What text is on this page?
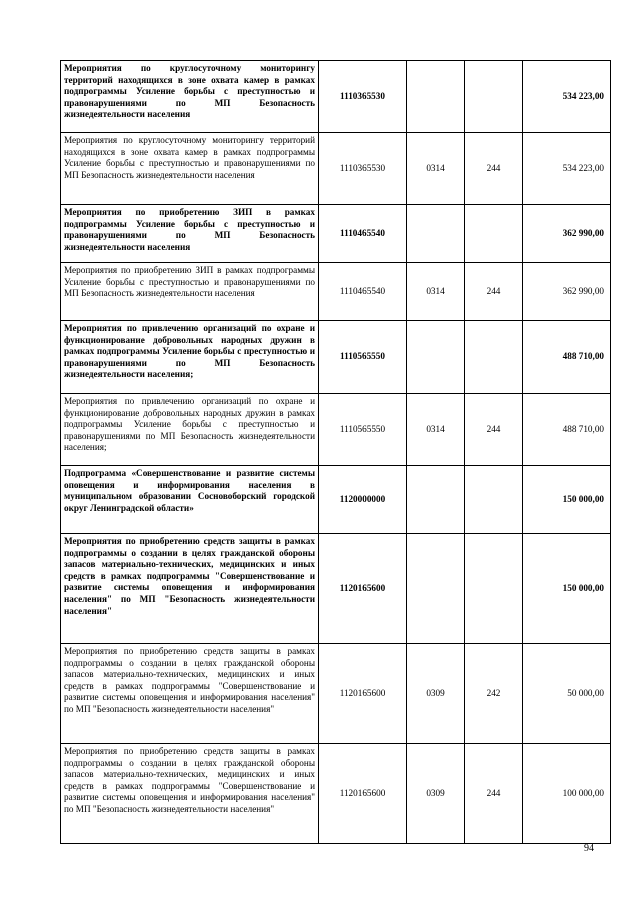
Мероприятия по круглосуточному мониторингу территорий находящихся в зоне охвата камер в рамках подпрограммы Усиление борьбы с преступностью и правонарушениями по МП Безопасность жизнедеятельности населения	1110365530			534 223,00
Мероприятия по круглосуточному мониторингу территорий находящихся в зоне охвата камер в рамках подпрограммы Усиление борьбы с преступностью и правонарушениями по МП Безопасность жизнедеятельности населения	1110365530	0314	244	534 223,00
Мероприятия по приобретению ЗИП в рамках подпрограммы Усиление борьбы с преступностью и правонарушениями по МП Безопасность жизнедеятельности населения	1110465540			362 990,00
Мероприятия по приобретению ЗИП в рамках подпрограммы Усиление борьбы с преступностью и правонарушениями по МП Безопасность жизнедеятельности населения	1110465540	0314	244	362 990,00
Мероприятия по привлечению организаций по охране и функционирование добровольных народных дружин в рамках подпрограммы Усиление борьбы с преступностью и правонарушениями по МП Безопасность жизнедеятельности населения;	1110565550			488 710,00
Мероприятия по привлечению организаций по охране и функционирование добровольных народных дружин в рамках подпрограммы Усиление борьбы с преступностью и правонарушениями по МП Безопасность жизнедеятельности населения;	1110565550	0314	244	488 710,00
Подпрограмма «Совершенствование и развитие системы оповещения и информирования населения в муниципальном образовании Сосновоборский городской округ Ленинградской области»	1120000000			150 000,00
Мероприятия по приобретению средств защиты в рамках подпрограммы о создании в целях гражданской обороны запасов материально-технических, медицинских и иных средств в рамках подпрограммы "Совершенствование и развитие системы оповещения и информирования населения" по МП "Безопасность жизнедеятельности населения"	1120165600			150 000,00
Мероприятия по приобретению средств защиты в рамках подпрограммы о создании в целях гражданской обороны запасов материально-технических, медицинских и иных средств в рамках подпрограммы "Совершенствование и развитие системы оповещения и информирования населения" по МП "Безопасность жизнедеятельности населения"	1120165600	0309	242	50 000,00
Мероприятия по приобретению средств защиты в рамках подпрограммы о создании в целях гражданской обороны запасов материально-технических, медицинских и иных средств в рамках подпрограммы "Совершенствование и развитие системы оповещения и информирования населения" по МП "Безопасность жизнедеятельности населения"	1120165600	0309	244	100 000,00
94
